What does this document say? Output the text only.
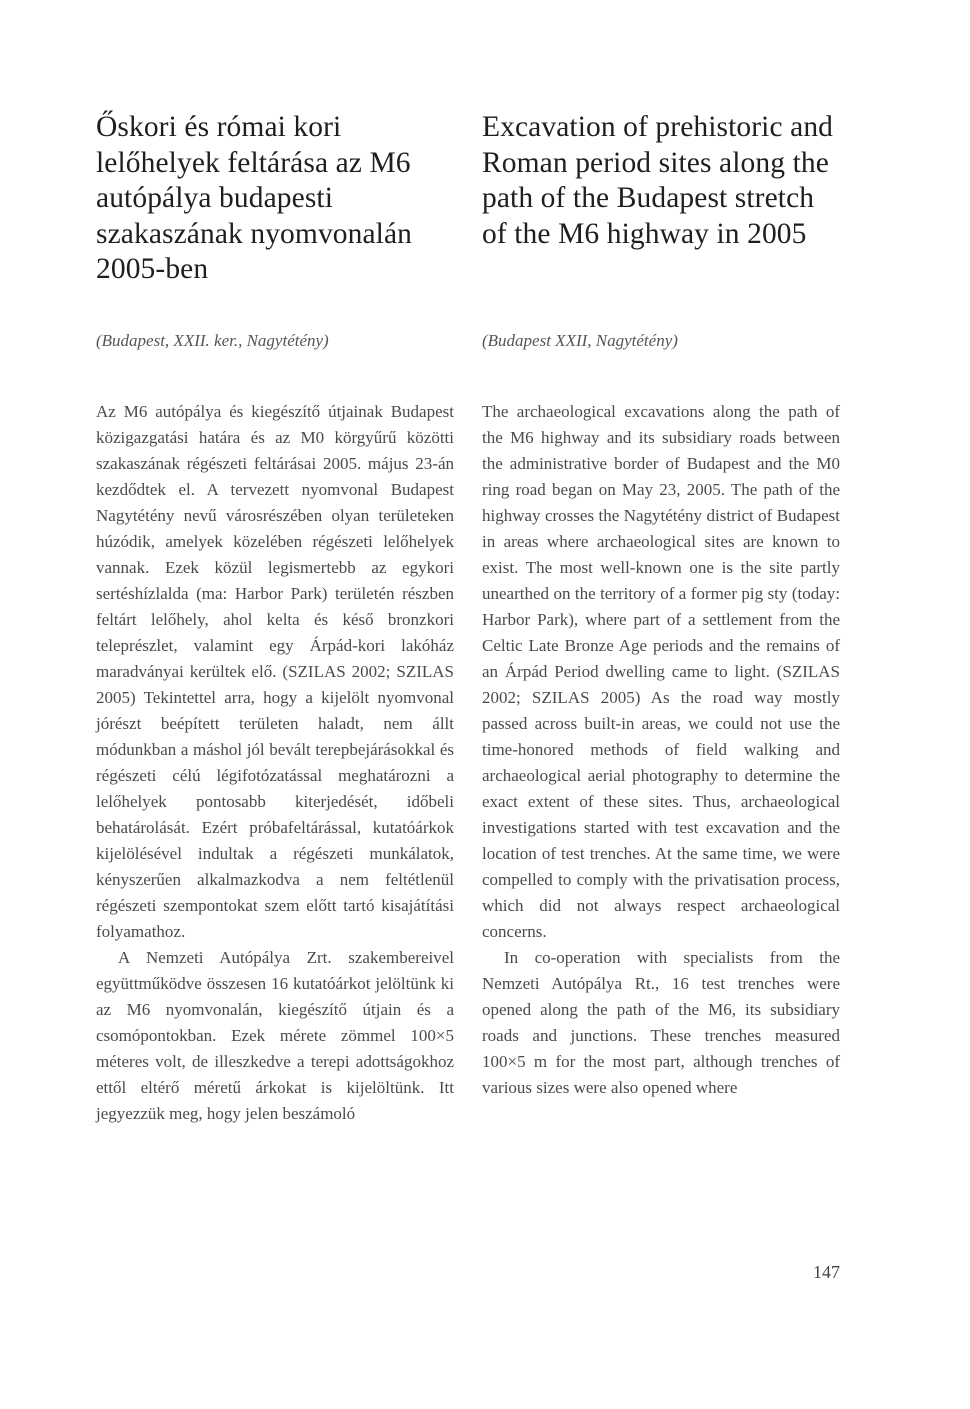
Őskori és római kori lelőhelyek feltárása az M6 autópálya budapesti szakaszának nyomvonalán 2005-ben

(Budapest, XXII. ker., Nagytétény)

Az M6 autópálya és kiegészítő útjainak Budapest közigazgatási határa és az M0 körgyűrű közötti szakaszának régészeti feltárásai 2005. május 23-án kezdődtek el. A tervezett nyomvonal Budapest Nagytétény nevű városrészében olyan területeken húzódik, amelyek közelében régészeti lelőhelyek vannak. Ezek közül legismertebb az egykori sertéshízlalda (ma: Harbor Park) területén részben feltárt lelőhely, ahol kelta és késő bronzkori teleprészlet, valamint egy Árpád-kori lakóház maradványai kerültek elő. (SZILAS 2002; SZILAS 2005) Tekintettel arra, hogy a kijelölt nyomvonal jórészt beépített területen haladt, nem állt módunkban a máshol jól bevált terepbejárásokkal és régészeti célú légifotózatással meghatározni a lelőhelyek pontosabb kiterjedését, időbeli behatárolását. Ezért próbafeltárással, kutatóárkok kijelölésével indultak a régészeti munkálatok, kényszerűen alkalmazkodva a nem feltétlenül régészeti szempontokat szem előtt tartó kisajátítási folyamathoz.

A Nemzeti Autópálya Zrt. szakembereivel együttműködve összesen 16 kutatóárkot jelöltünk ki az M6 nyomvonalán, kiegészítő útjain és a csomópontokban. Ezek mérete zömmel 100×5 méteres volt, de illeszkedve a terepi adottságokhoz ettől eltérő méretű árkokat is kijelöltünk. Itt jegyezzük meg, hogy jelen beszámoló

Excavation of prehistoric and Roman period sites along the path of the Budapest stretch of the M6 highway in 2005

(Budapest XXII, Nagytétény)

The archaeological excavations along the path of the M6 highway and its subsidiary roads between the administrative border of Budapest and the M0 ring road began on May 23, 2005. The path of the highway crosses the Nagytétény district of Budapest in areas where archaeological sites are known to exist. The most well-known one is the site partly unearthed on the territory of a former pig sty (today: Harbor Park), where part of a settlement from the Celtic Late Bronze Age periods and the remains of an Árpád Period dwelling came to light. (SZILAS 2002; SZILAS 2005) As the road way mostly passed across built-in areas, we could not use the time-honored methods of field walking and archaeological aerial photography to determine the exact extent of these sites. Thus, archaeological investigations started with test excavation and the location of test trenches. At the same time, we were compelled to comply with the privatisation process, which did not always respect archaeological concerns.

In co-operation with specialists from the Nemzeti Autópálya Rt., 16 test trenches were opened along the path of the M6, its subsidiary roads and junctions. These trenches measured 100×5 m for the most part, although trenches of various sizes were also opened where

147
